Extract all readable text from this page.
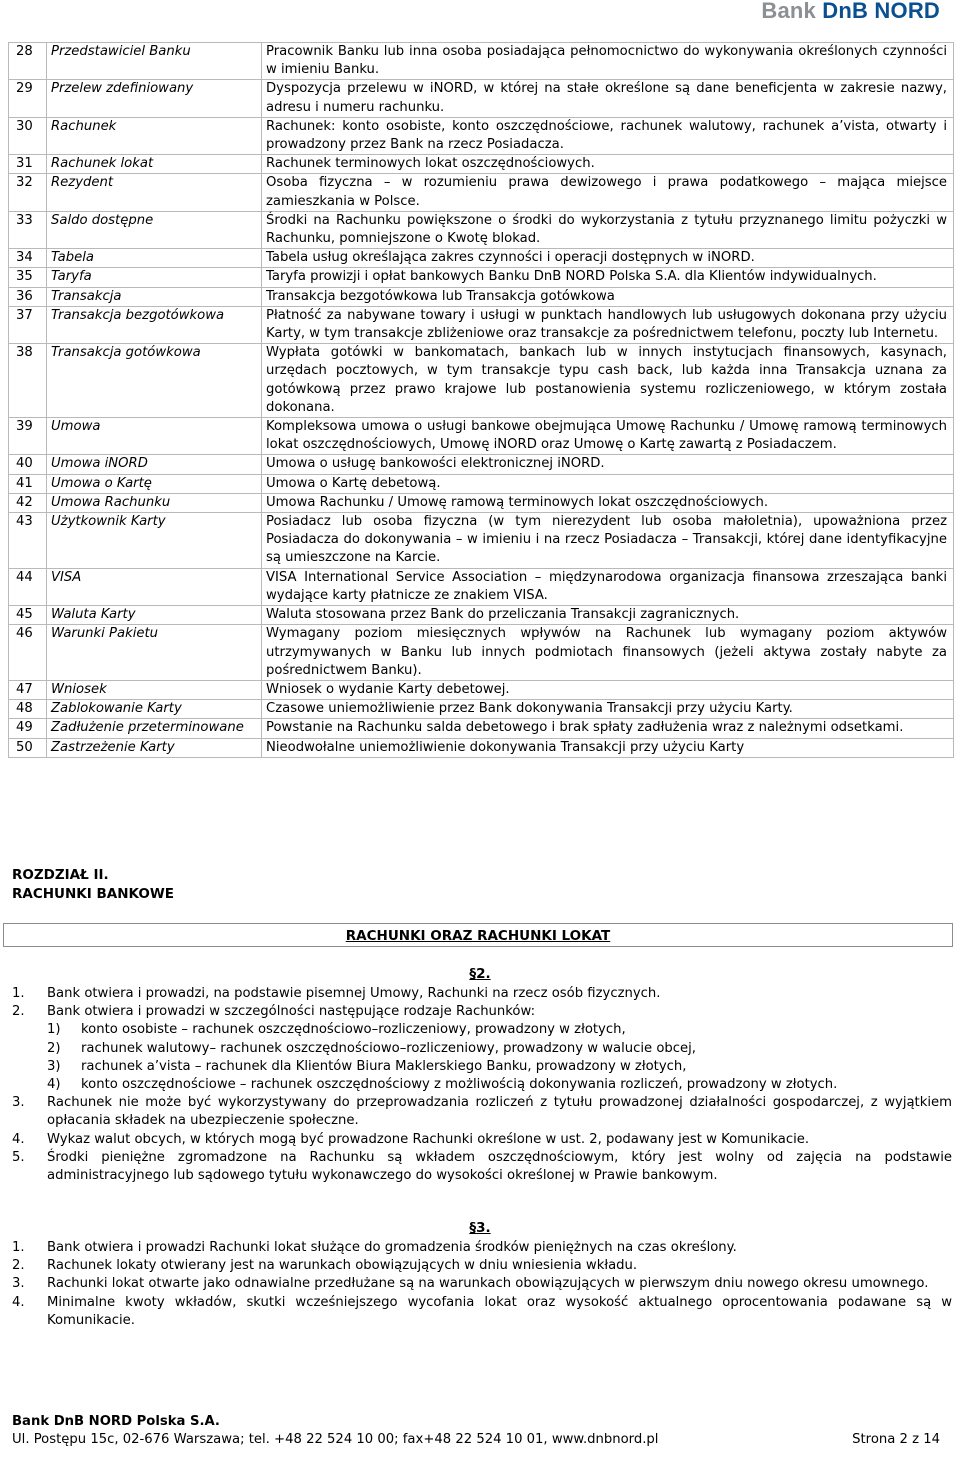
Bank DnB NORD
28	Przedstawiciel Banku	Pracownik Banku lub inna osoba posiadająca pełnomocnictwo do wykonywania określonych czynności w imieniu Banku.
29	Przelew zdefiniowany	Dyspozycja przelewu w iNORD, w której na stałe określone są dane beneficjenta w zakresie nazwy, adresu i numeru rachunku.
30	Rachunek	Rachunek: konto osobiste, konto oszczędnościowe, rachunek walutowy, rachunek a’vista, otwarty i prowadzony przez Bank na rzecz Posiadacza.
31	Rachunek lokat	Rachunek terminowych lokat oszczędnościowych.
32	Rezydent	Osoba fizyczna – w rozumieniu prawa dewizowego i prawa podatkowego – mająca miejsce zamieszkania w Polsce.
33	Saldo dostępne	Środki na Rachunku powiększone o środki do wykorzystania z tytułu przyznanego limitu pożyczki w Rachunku, pomniejszone o Kwotę blokad.
34	Tabela	Tabela usług określająca zakres czynności i operacji dostępnych w iNORD.
35	Taryfa	Taryfa prowizji i opłat bankowych Banku DnB NORD Polska S.A. dla Klientów indywidualnych.
36	Transakcja	Transakcja bezgotówkowa lub Transakcja gotówkowa
37	Transakcja bezgotówkowa	Płatność za nabywane towary i usługi w punktach handlowych lub usługowych dokonana przy użyciu Karty, w tym transakcje zbliżeniowe oraz transakcje za pośrednictwem telefonu, poczty lub Internetu.
38	Transakcja gotówkowa	Wypłata gotówki w bankomatach, bankach lub w innych instytucjach finansowych, kasynach, urzędach pocztowych, w tym transakcje typu cash back, lub każda inna Transakcja uznana za gotówkową przez prawo krajowe lub postanowienia systemu rozliczeniowego, w którym została dokonana.
39	Umowa	Kompleksowa umowa o usługi bankowe obejmująca Umowę Rachunku / Umowę ramową terminowych lokat oszczędnościowych, Umowę iNORD oraz Umowę o Kartę zawartą z Posiadaczem.
40	Umowa iNORD	Umowa o usługę bankowości elektronicznej iNORD.
41	Umowa o Kartę	Umowa o Kartę debetową.
42	Umowa Rachunku	Umowa Rachunku / Umowę ramową terminowych lokat oszczędnościowych.
43	Użytkownik Karty	Posiadacz lub osoba fizyczna (w tym nierezydent lub osoba małoletnia), upoważniona przez Posiadacza do dokonywania – w imieniu i na rzecz Posiadacza – Transakcji, której dane identyfikacyjne są umieszczone na Karcie.
44	VISA	VISA International Service Association – międzynarodowa organizacja finansowa zrzeszająca banki wydające karty płatnicze ze znakiem VISA.
45	Waluta Karty	Waluta stosowana przez Bank do przeliczania Transakcji zagranicznych.
46	Warunki Pakietu	Wymagany poziom miesięcznych wpływów na Rachunek lub wymagany poziom aktywów utrzymywanych w Banku lub innych podmiotach finansowych (jeżeli aktywa zostały nabyte za pośrednictwem Banku).
47	Wniosek	Wniosek o wydanie Karty debetowej.
48	Zablokowanie Karty	Czasowe uniemożliwienie przez Bank dokonywania Transakcji przy użyciu Karty.
49	Zadłużenie przeterminowane	Powstanie na Rachunku salda debetowego i brak spłaty zadłużenia wraz z należnymi odsetkami.
50	Zastrzeżenie Karty	Nieodwołalne uniemożliwienie dokonywania Transakcji przy użyciu Karty
ROZDZIAŁ II.
RACHUNKI BANKOWE
RACHUNKI ORAZ RACHUNKI LOKAT
§2.
1.	Bank otwiera i prowadzi, na podstawie pisemnej Umowy, Rachunki na rzecz osób fizycznych.
2.	Bank otwiera i prowadzi w szczególności następujące rodzaje Rachunków:
1)	konto osobiste – rachunek oszczędnościowo–rozliczeniowy, prowadzony w złotych,
2)	rachunek walutowy– rachunek oszczędnościowo–rozliczeniowy, prowadzony w walucie obcej,
3)	rachunek a’vista – rachunek dla Klientów Biura Maklerskiego Banku, prowadzony w złotych,
4)	konto oszczędnościowe – rachunek oszczędnościowy z możliwością dokonywania rozliczeń, prowadzony w złotych.
3.	Rachunek nie może być wykorzystywany do przeprowadzania rozliczeń z tytułu prowadzonej działalności gospodarczej, z wyjątkiem opłacania składek na ubezpieczenie społeczne.
4.	Wykaz walut obcych, w których mogą być prowadzone Rachunki określone w ust. 2, podawany jest w Komunikacie.
5.	Środki pieniężne zgromadzone na Rachunku są wkładem oszczędnościowym, który jest wolny od zajęcia na podstawie administracyjnego lub sądowego tytułu wykonawczego do wysokości określonej w Prawie bankowym.
§3.
1.	Bank otwiera i prowadzi Rachunki lokat służące do gromadzenia środków pieniężnych na czas określony.
2.	Rachunek lokaty otwierany jest na warunkach obowiązujących w dniu wniesienia wkładu.
3.	Rachunki lokat otwarte jako odnawialne przedłużane są na warunkach obowiązujących w pierwszym dniu nowego okresu umownego.
4.	Minimalne kwoty wkładów, skutki wcześniejszego wycofania lokat oraz wysokość aktualnego oprocentowania podawane są w Komunikacie.
Bank DnB NORD Polska S.A.
Ul. Postępu 15c, 02-676 Warszawa; tel. +48 22 524 10 00; fax+48 22 524 10 01, www.dnbnord.pl	Strona 2 z 14
